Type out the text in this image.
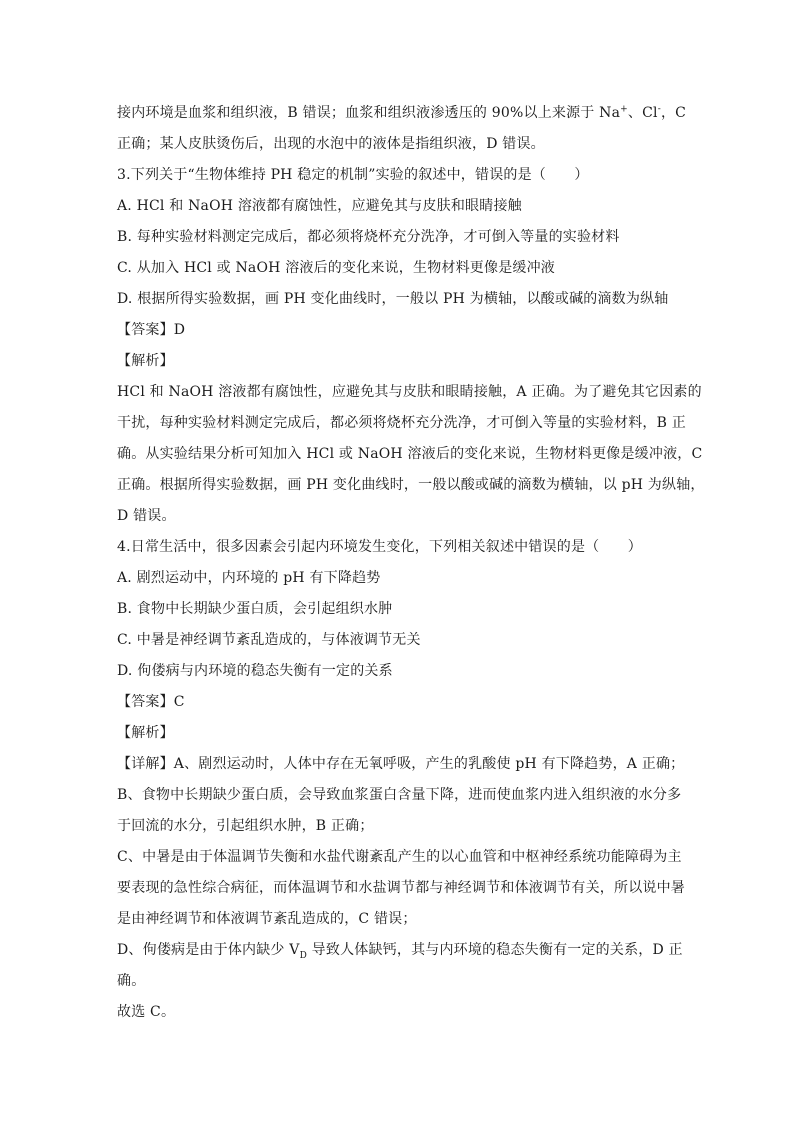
接内环境是血浆和组织液，B 错误；血浆和组织液渗透压的 90%以上来源于 Na+、Cl-，C
正确；某人皮肤烫伤后，出现的水泡中的液体是指组织液，D 错误。
3.下列关于“生物体维持 PH 稳定的机制”实验的叙述中，错误的是（　　）
A. HCl 和 NaOH 溶液都有腐蚀性，应避免其与皮肤和眼睛接触
B. 每种实验材料测定完成后，都必须将烧杯充分洗净，才可倒入等量的实验材料
C. 从加入 HCl 或 NaOH 溶液后的变化来说，生物材料更像是缓冲液
D. 根据所得实验数据，画 PH 变化曲线时，一般以 PH 为横轴，以酸或碱的滴数为纵轴
【答案】D
【解析】
HCl 和 NaOH 溶液都有腐蚀性，应避免其与皮肤和眼睛接触，A 正确。为了避免其它因素的
干扰，每种实验材料测定完成后，都必须将烧杯充分洗净，才可倒入等量的实验材料，B 正
确。从实验结果分析可知加入 HCl 或 NaOH 溶液后的变化来说，生物材料更像是缓冲液，C
正确。根据所得实验数据，画 PH 变化曲线时，一般以酸或碱的滴数为横轴，以 pH 为纵轴，
D 错误。
4.日常生活中，很多因素会引起内环境发生变化，下列相关叙述中错误的是（　　）
A. 剧烈运动中，内环境的 pH 有下降趋势
B. 食物中长期缺少蛋白质，会引起组织水肿
C. 中暑是神经调节紊乱造成的，与体液调节无关
D. 佝偻病与内环境的稳态失衡有一定的关系
【答案】C
【解析】
【详解】A、剧烈运动时，人体中存在无氧呼吸，产生的乳酸使 pH 有下降趋势，A 正确；
B、食物中长期缺少蛋白质，会导致血浆蛋白含量下降，进而使血浆内进入组织液的水分多
于回流的水分，引起组织水肿，B 正确；
C、中暑是由于体温调节失衡和水盐代谢紊乱产生的以心血管和中枢神经系统功能障碍为主
要表现的急性综合病征，而体温调节和水盐调节都与神经调节和体液调节有关，所以说中暑
是由神经调节和体液调节紊乱造成的，C 错误；
D、佝偻病是由于体内缺少 $V_D$ 导致人体缺钙，其与内环境的稳态失衡有一定的关系，D 正
确。
故选 C。
